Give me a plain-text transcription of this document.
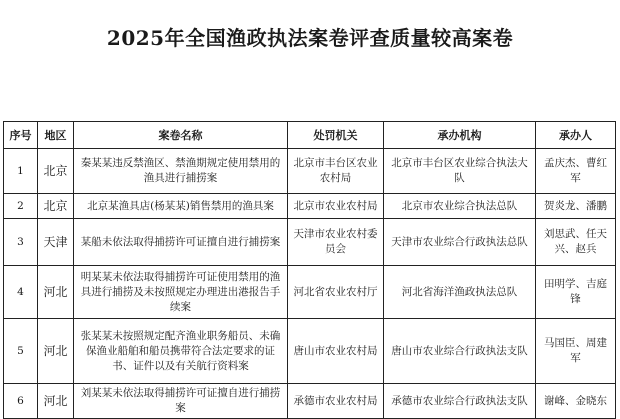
2025年全国渔政执法案卷评查质量较高案卷
序号	地区	案卷名称	处罚机关	承办机构	承办人
1	北京	秦某某违反禁渔区、禁渔期规定使用禁用的渔具进行捕捞案	北京市丰台区农业农村局	北京市丰台区农业综合执法大队	孟庆杰、曹红军
2	北京	北京某渔具店(杨某某)销售禁用的渔具案	北京市农业农村局	北京市农业综合执法总队	贺炎龙、潘鹏
3	天津	某船未依法取得捕捞许可证擅自进行捕捞案	天津市农业农村委员会	天津市农业综合行政执法总队	刘思武、任天兴、赵兵
4	河北	明某某未依法取得捕捞许可证使用禁用的渔具进行捕捞及未按照规定办理进出港报告手续案	河北省农业农村厅	河北省海洋渔政执法总队	田明学、吉庭锋
5	河北	张某某未按照规定配齐渔业职务船员、未确保渔业船舶和船员携带符合法定要求的证书、证件以及有关航行资料案	唐山市农业农村局	唐山市农业综合行政执法支队	马国臣、周建军
6	河北	刘某某未依法取得捕捞许可证擅自进行捕捞案	承德市农业农村局	承德市农业综合行政执法支队	谢峰、金晓东
